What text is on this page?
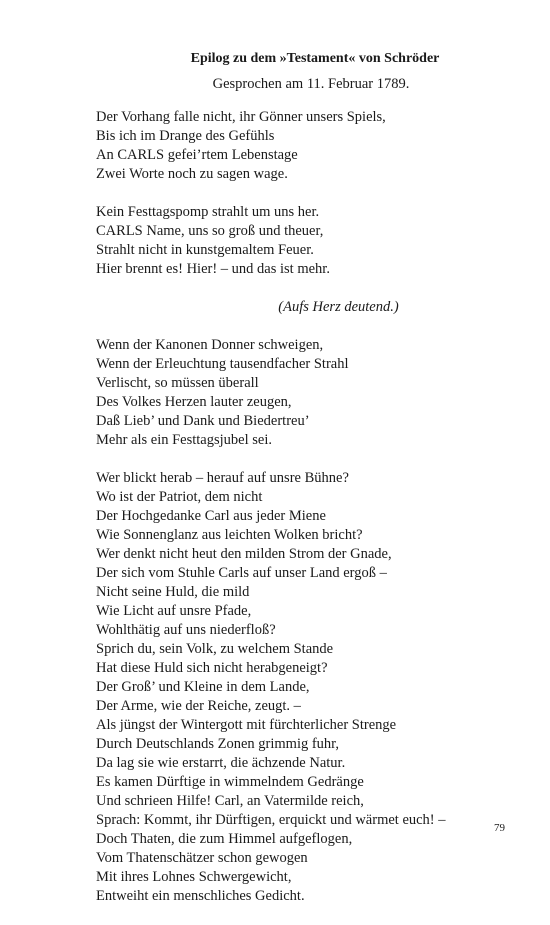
Epilog zu dem »Testament« von Schröder
Gesprochen am 11. Februar 1789.
Der Vorhang falle nicht, ihr Gönner unsers Spiels,
Bis ich im Drange des Gefühls
An CARLS gefei’rtem Lebenstage
Zwei Worte noch zu sagen wage.
Kein Festtagspomp strahlt um uns her.
CARLS Name, uns so groß und theuer,
Strahlt nicht in kunstgemaltem Feuer.
Hier brennt es! Hier! – und das ist mehr.
(Aufs Herz deutend.)
Wenn der Kanonen Donner schweigen,
Wenn der Erleuchtung tausendfacher Strahl
Verlischt, so müssen überall
Des Volkes Herzen lauter zeugen,
Daß Lieb’ und Dank und Biedertreu’
Mehr als ein Festtagsjubel sei.
Wer blickt herab – herauf auf unsre Bühne?
Wo ist der Patriot, dem nicht
Der Hochgedanke Carl aus jeder Miene
Wie Sonnenglanz aus leichten Wolken bricht?
Wer denkt nicht heut den milden Strom der Gnade,
Der sich vom Stuhle Carls auf unser Land ergoß –
Nicht seine Huld, die mild
Wie Licht auf unsre Pfade,
Wohlthätig auf uns niederfloß?
Sprich du, sein Volk, zu welchem Stande
Hat diese Huld sich nicht herabgeneigt?
Der Groß’ und Kleine in dem Lande,
Der Arme, wie der Reiche, zeugt. –
Als jüngst der Wintergott mit fürchterlicher Strenge
Durch Deutschlands Zonen grimmig fuhr,
Da lag sie wie erstarrt, die ächzende Natur.
Es kamen Dürftige in wimmelndem Gedränge
Und schrieen Hilfe! Carl, an Vatermilde reich,
Sprach: Kommt, ihr Dürftigen, erquickt und wärmet euch! –
Doch Thaten, die zum Himmel aufgeflogen,
Vom Thatenschätzer schon gewogen
Mit ihres Lohnes Schwergewicht,
Entweiht ein menschliches Gedicht.
79
